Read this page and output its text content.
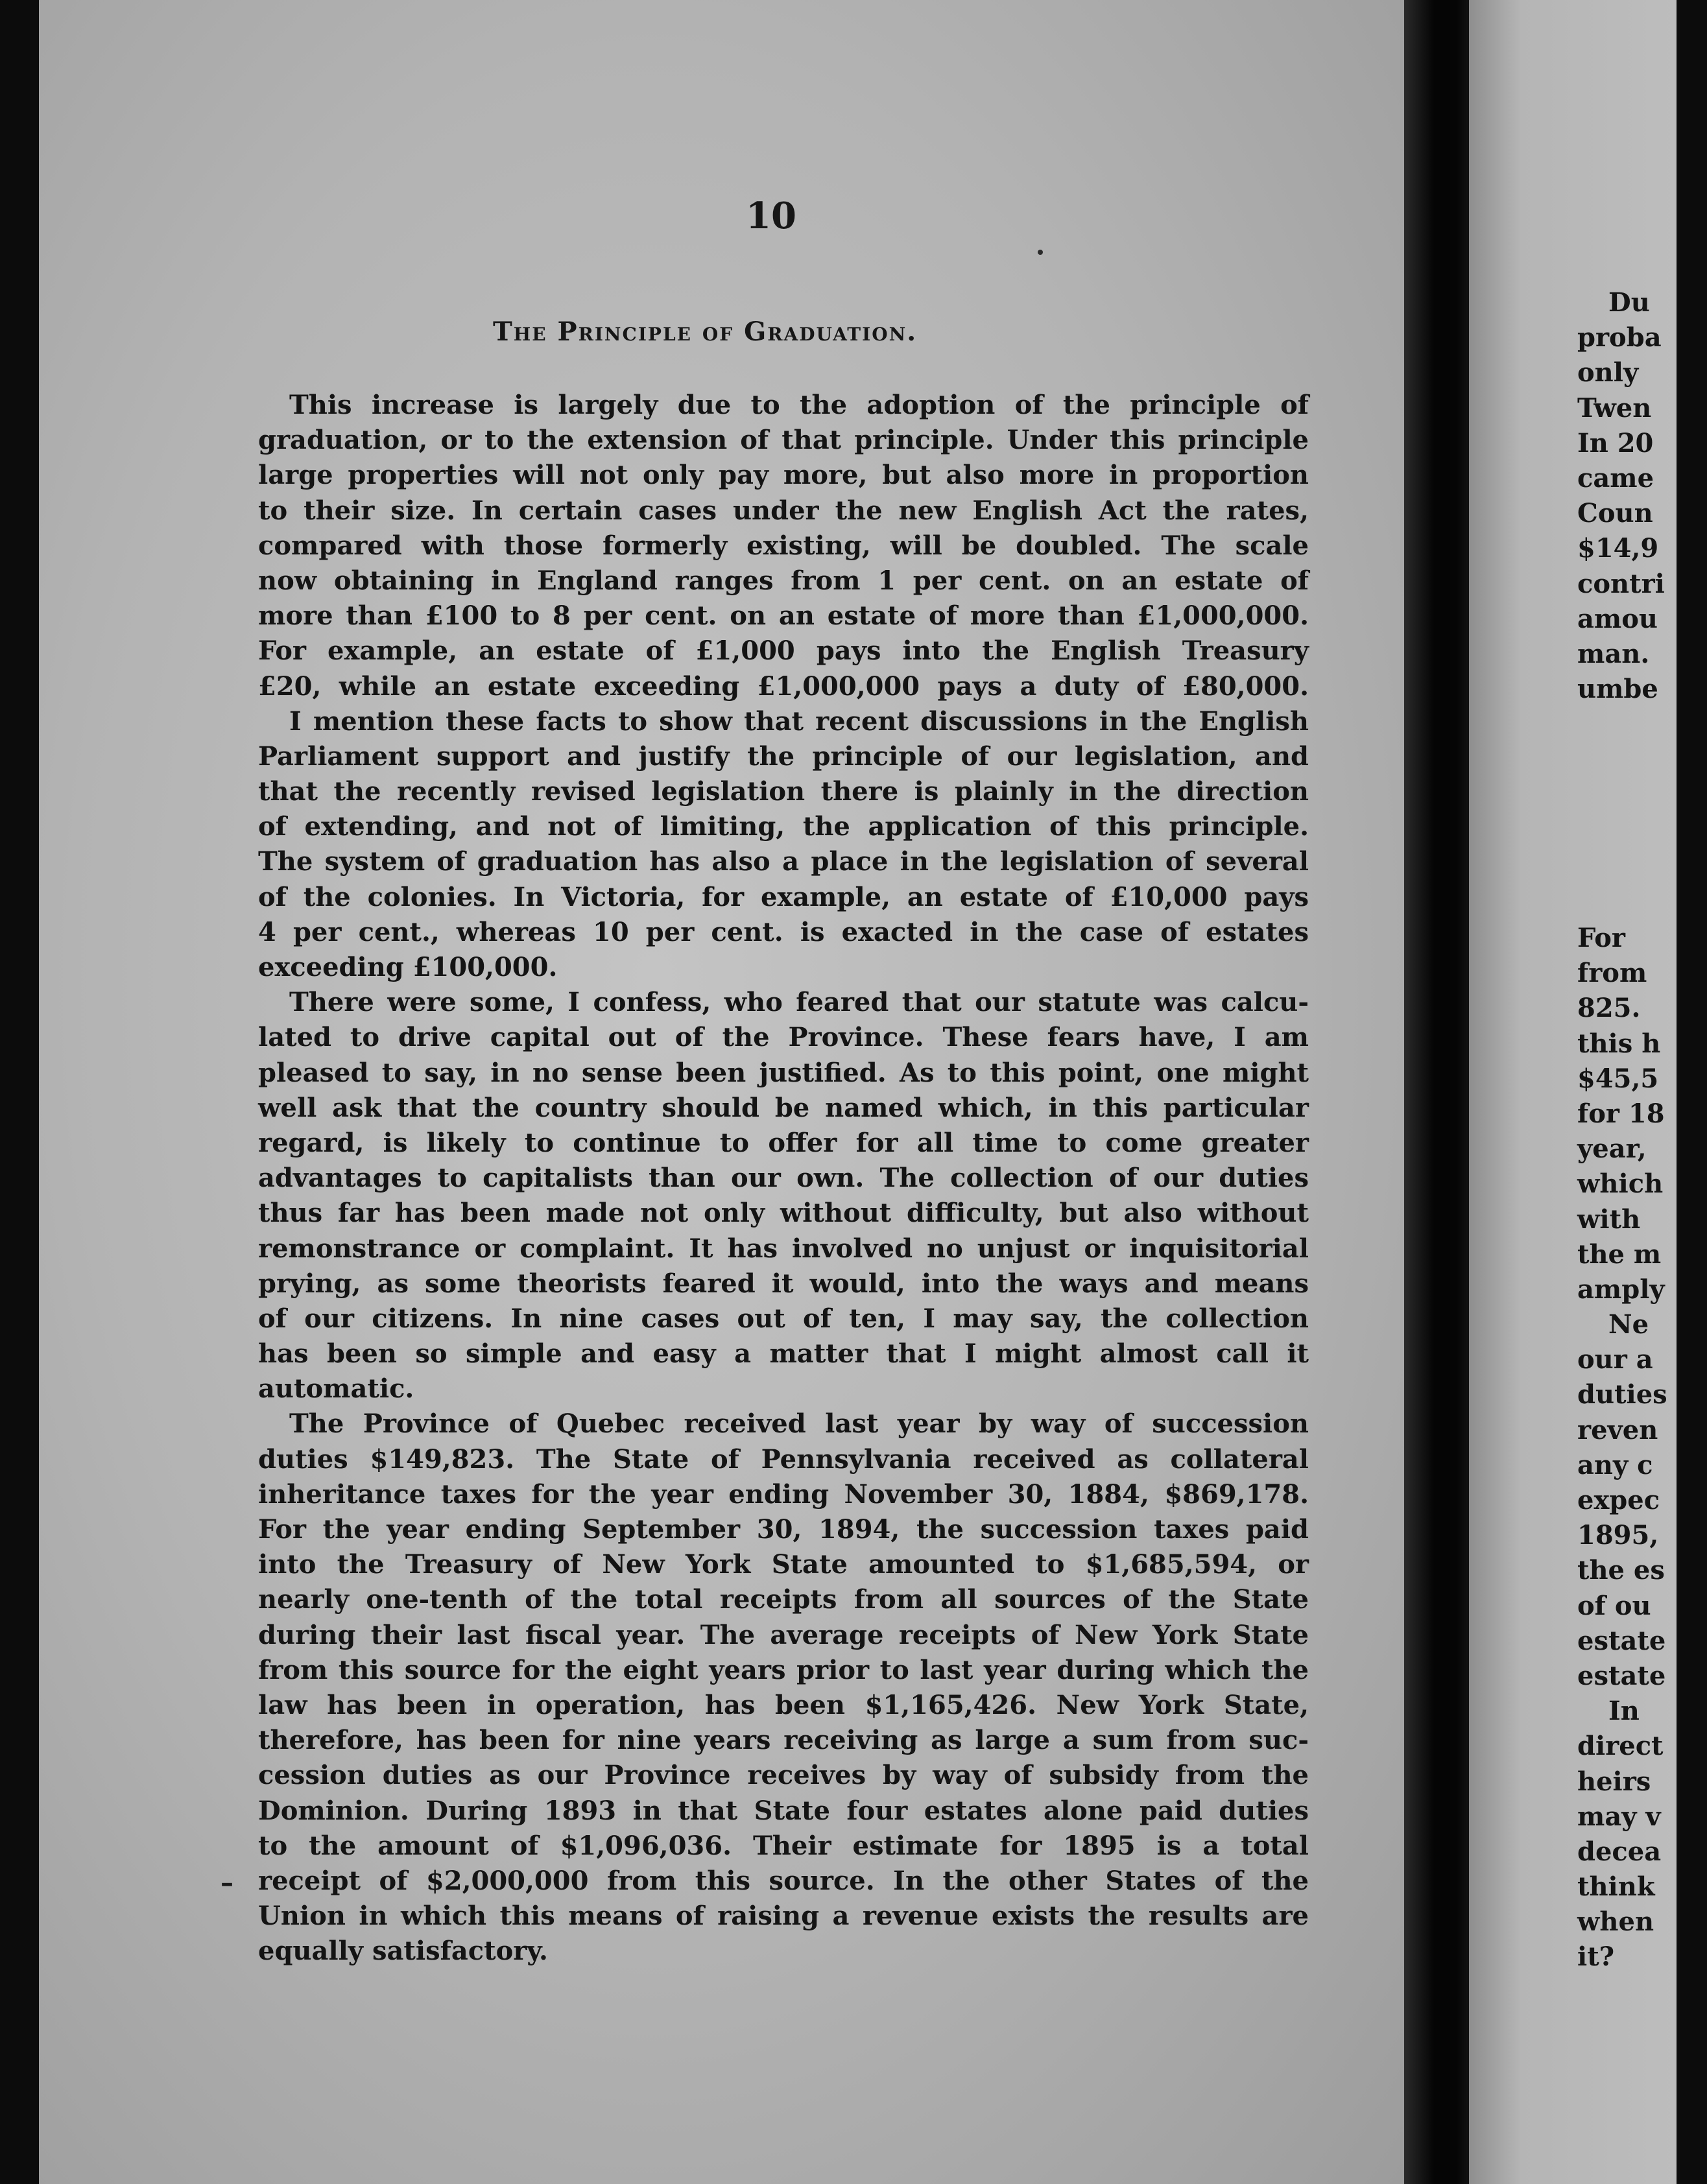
10

The Principle of Graduation.
This increase is largely due to the adoption of the principle of
graduation, or to the extension of that principle. Under this principle
large properties will not only pay more, but also more in proportion
to their size. In certain cases under the new English Act the rates,
compared with those formerly existing, will be doubled. The scale
now obtaining in England ranges from 1 per cent. on an estate of
more than £100 to 8 per cent. on an estate of more than £1,000,000.
For example, an estate of £1,000 pays into the English Treasury
£20, while an estate exceeding £1,000,000 pays a duty of £80,000.
I mention these facts to show that recent discussions in the English
Parliament support and justify the principle of our legislation, and
that the recently revised legislation there is plainly in the direction
of extending, and not of limiting, the application of this principle.
The system of graduation has also a place in the legislation of several
of the colonies. In Victoria, for example, an estate of £10,000 pays
4 per cent., whereas 10 per cent. is exacted in the case of estates
exceeding £100,000.
There were some, I confess, who feared that our statute was calcu-
lated to drive capital out of the Province. These fears have, I am
pleased to say, in no sense been justified. As to this point, one might
well ask that the country should be named which, in this particular
regard, is likely to continue to offer for all time to come greater
advantages to capitalists than our own. The collection of our duties
thus far has been made not only without difficulty, but also without
remonstrance or complaint. It has involved no unjust or inquisitorial
prying, as some theorists feared it would, into the ways and means
of our citizens. In nine cases out of ten, I may say, the collection
has been so simple and easy a matter that I might almost call it
automatic.
The Province of Quebec received last year by way of succession
duties $149,823. The State of Pennsylvania received as collateral
inheritance taxes for the year ending November 30, 1884, $869,178.
For the year ending September 30, 1894, the succession taxes paid
into the Treasury of New York State amounted to $1,685,594, or
nearly one-tenth of the total receipts from all sources of the State
during their last fiscal year. The average receipts of New York State
from this source for the eight years prior to last year during which the
law has been in operation, has been $1,165,426. New York State,
therefore, has been for nine years receiving as large a sum from suc-
cession duties as our Province receives by way of subsidy from the
Dominion. During 1893 in that State four estates alone paid duties
to the amount of $1,096,036. Their estimate for 1895 is a total
receipt of $2,000,000 from this source. In the other States of the
Union in which this means of raising a revenue exists the results are
equally satisfactory.
–
Du
proba
only
Twen
In 20
came
Coun
$14,9
contri
amou
man.
umbe
For
from
825.
this h
$45,5
for 18
year,
which
with
the m
amply
Ne
our a
duties
reven
any c
expec
1895,
the es
of ou
estate
estate
In
direct
heirs
may v
decea
think
when
it?
